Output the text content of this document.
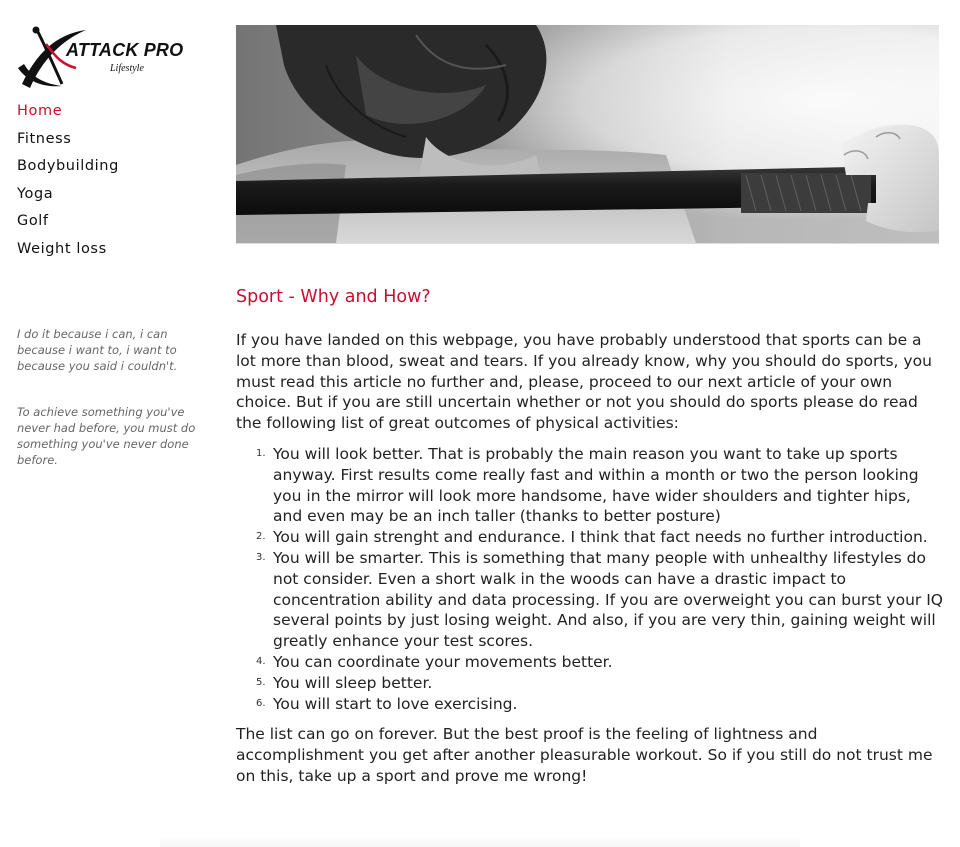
ATTACK PRO
Lifestyle
Home
Fitness
Bodybuilding
Yoga
Golf
Weight loss

I do it because i can, i can because i want to, i want to because you said i couldn't.

To achieve something you've never had before, you must do something you've never done before.

Sport - Why and How?

If you have landed on this webpage, you have probably understood that sports can be a lot more than blood, sweat and tears. If you already know, why you should do sports, you must read this article no further and, please, proceed to our next article of your own choice. But if you are still uncertain whether or not you should do sports please do read the following list of great outcomes of physical activities:

1. You will look better. That is probably the main reason you want to take up sports anyway. First results come really fast and within a month or two the person looking you in the mirror will look more handsome, have wider shoulders and tighter hips, and even may be an inch taller (thanks to better posture)
2. You will gain strenght and endurance. I think that fact needs no further introduction.
3. You will be smarter. This is something that many people with unhealthy lifestyles do not consider. Even a short walk in the woods can have a drastic impact to concentration ability and data processing. If you are overweight you can burst your IQ several points by just losing weight. And also, if you are very thin, gaining weight will greatly enhance your test scores.
4. You can coordinate your movements better.
5. You will sleep better.
6. You will start to love exercising.

The list can go on forever. But the best proof is the feeling of lightness and accomplishment you get after another pleasurable workout. So if you still do not trust me on this, take up a sport and prove me wrong!
